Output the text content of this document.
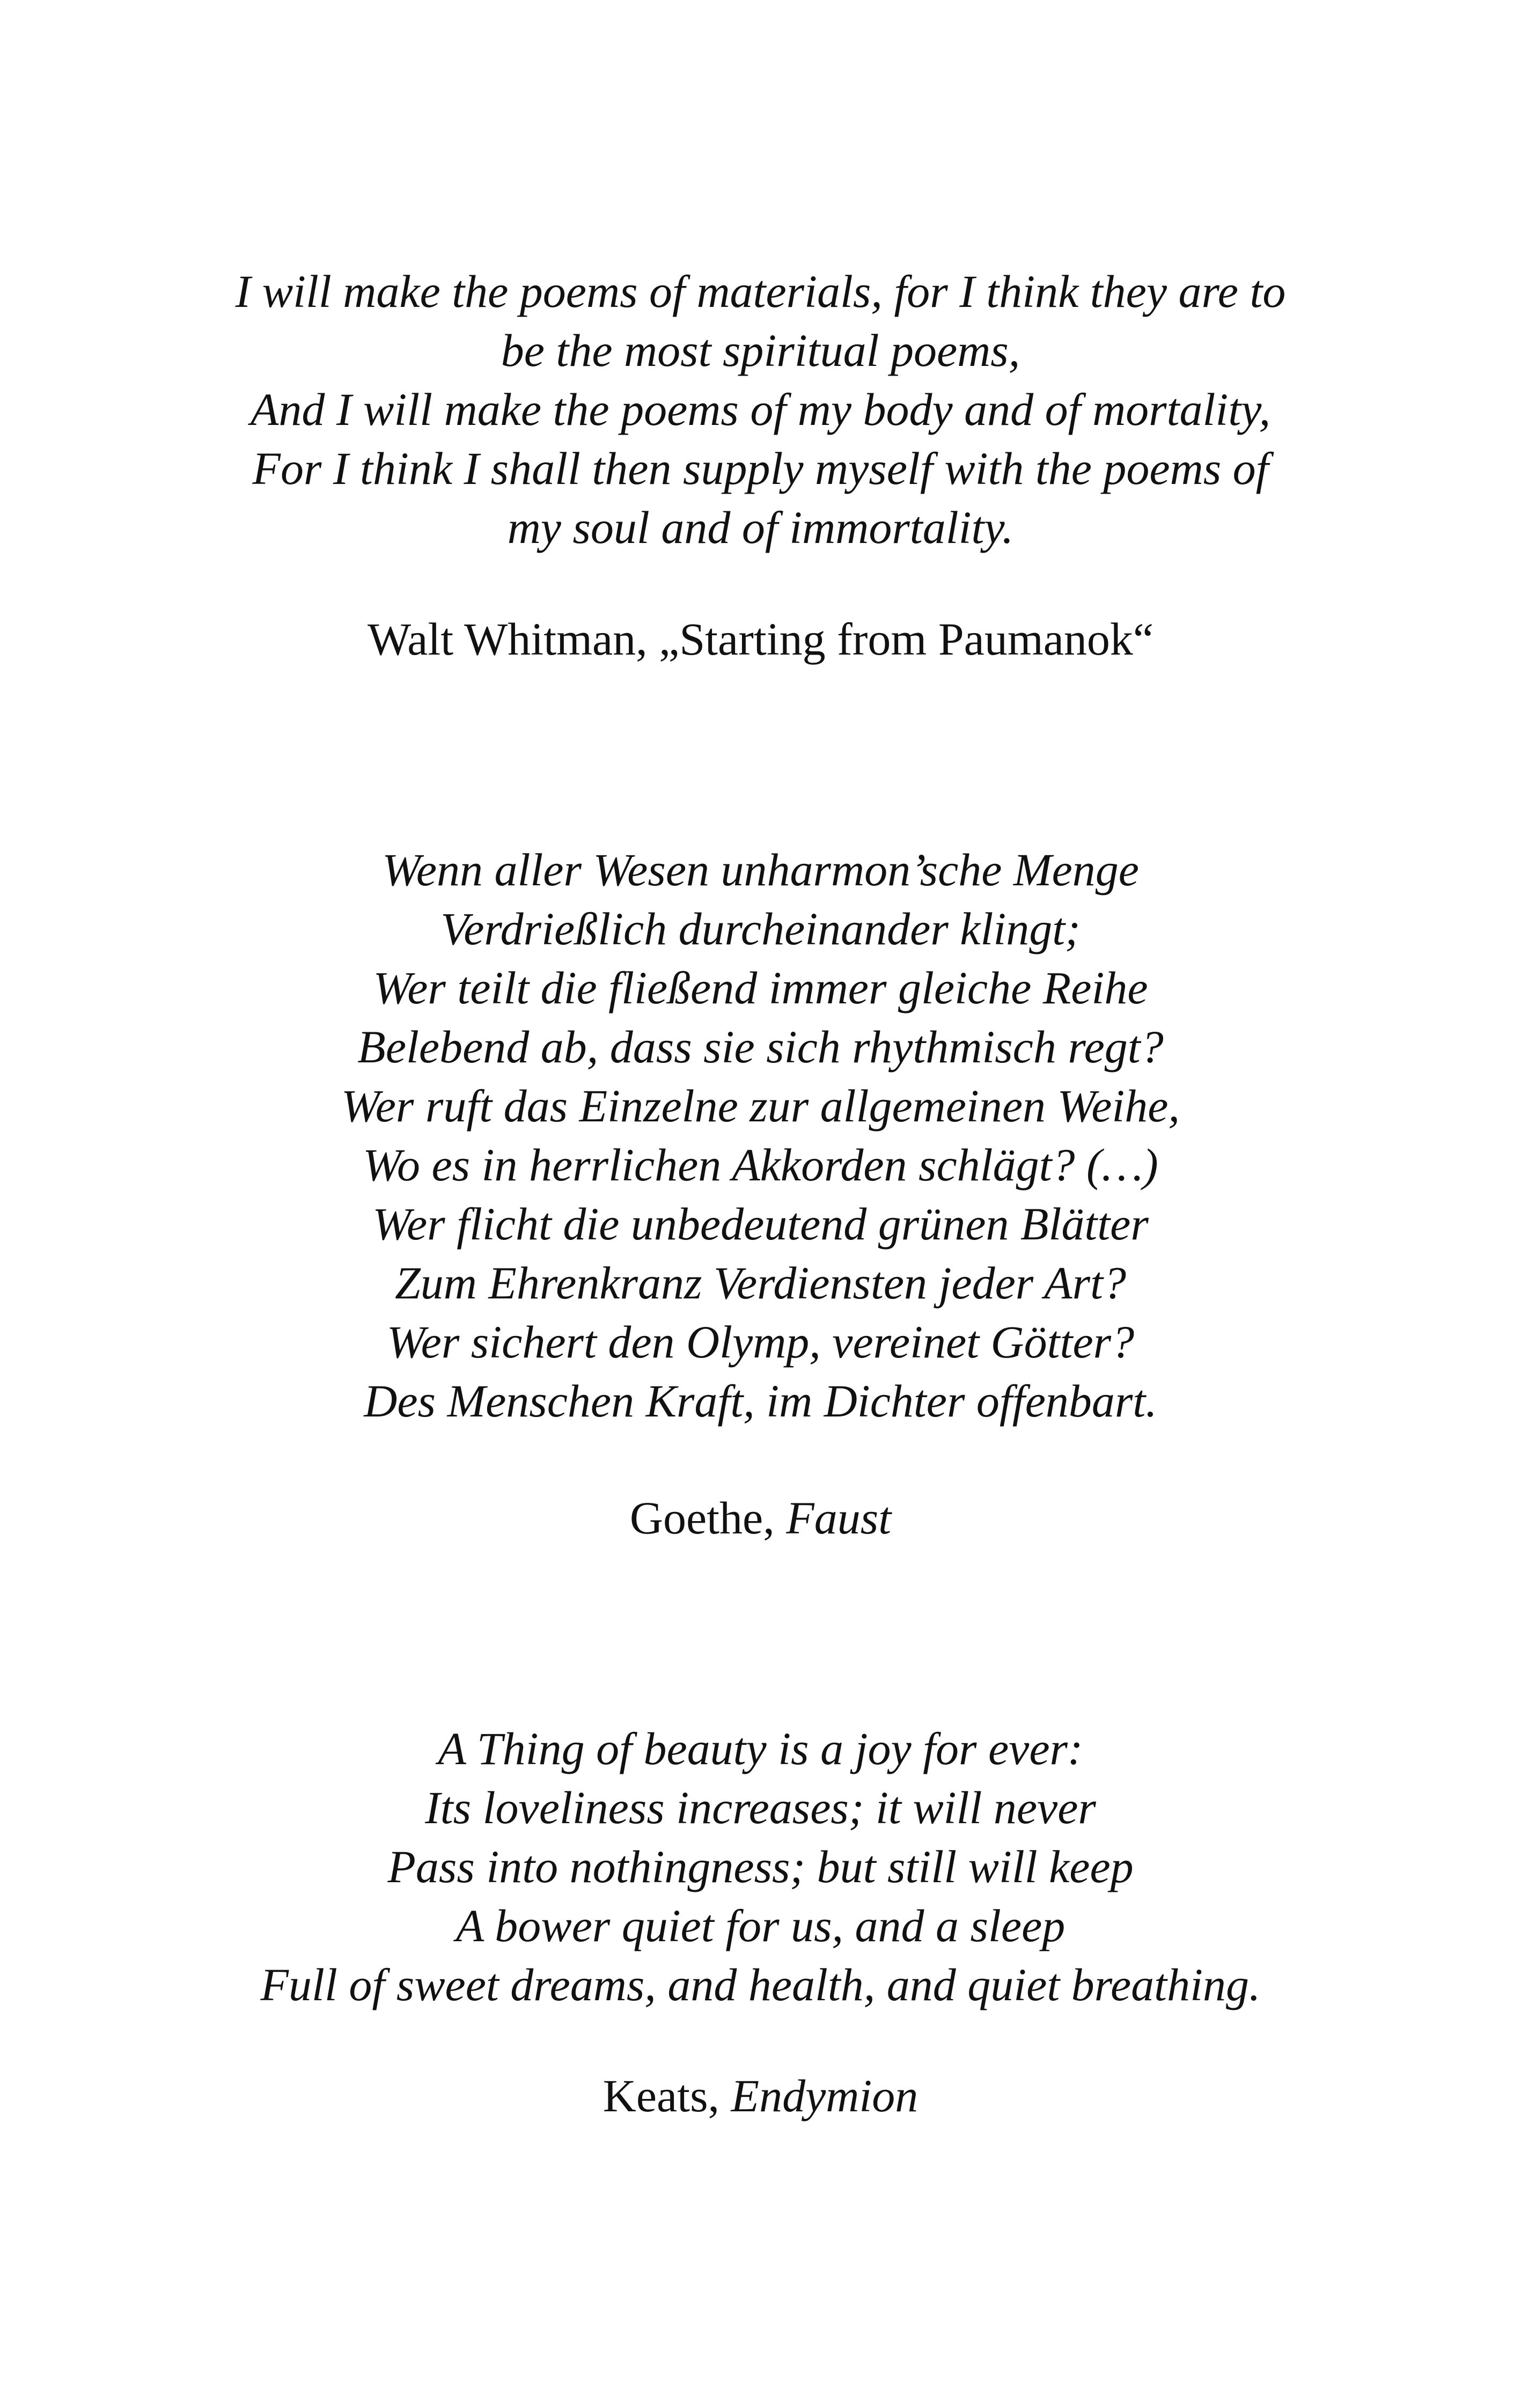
I will make the poems of materials, for I think they are to
be the most spiritual poems,
And I will make the poems of my body and of mortality,
For I think I shall then supply myself with the poems of
my soul and of immortality.
Walt Whitman, „Starting from Paumanok“
Wenn aller Wesen unharmon’sche Menge
Verdrießlich durcheinander klingt;
Wer teilt die fließend immer gleiche Reihe
Belebend ab, dass sie sich rhythmisch regt?
Wer ruft das Einzelne zur allgemeinen Weihe,
Wo es in herrlichen Akkorden schlägt? (…)
Wer flicht die unbedeutend grünen Blätter
Zum Ehrenkranz Verdiensten jeder Art?
Wer sichert den Olymp, vereinet Götter?
Des Menschen Kraft, im Dichter offenbart.
Goethe, Faust
A Thing of beauty is a joy for ever:
Its loveliness increases; it will never
Pass into nothingness; but still will keep
A bower quiet for us, and a sleep
Full of sweet dreams, and health, and quiet breathing.
Keats, Endymion
